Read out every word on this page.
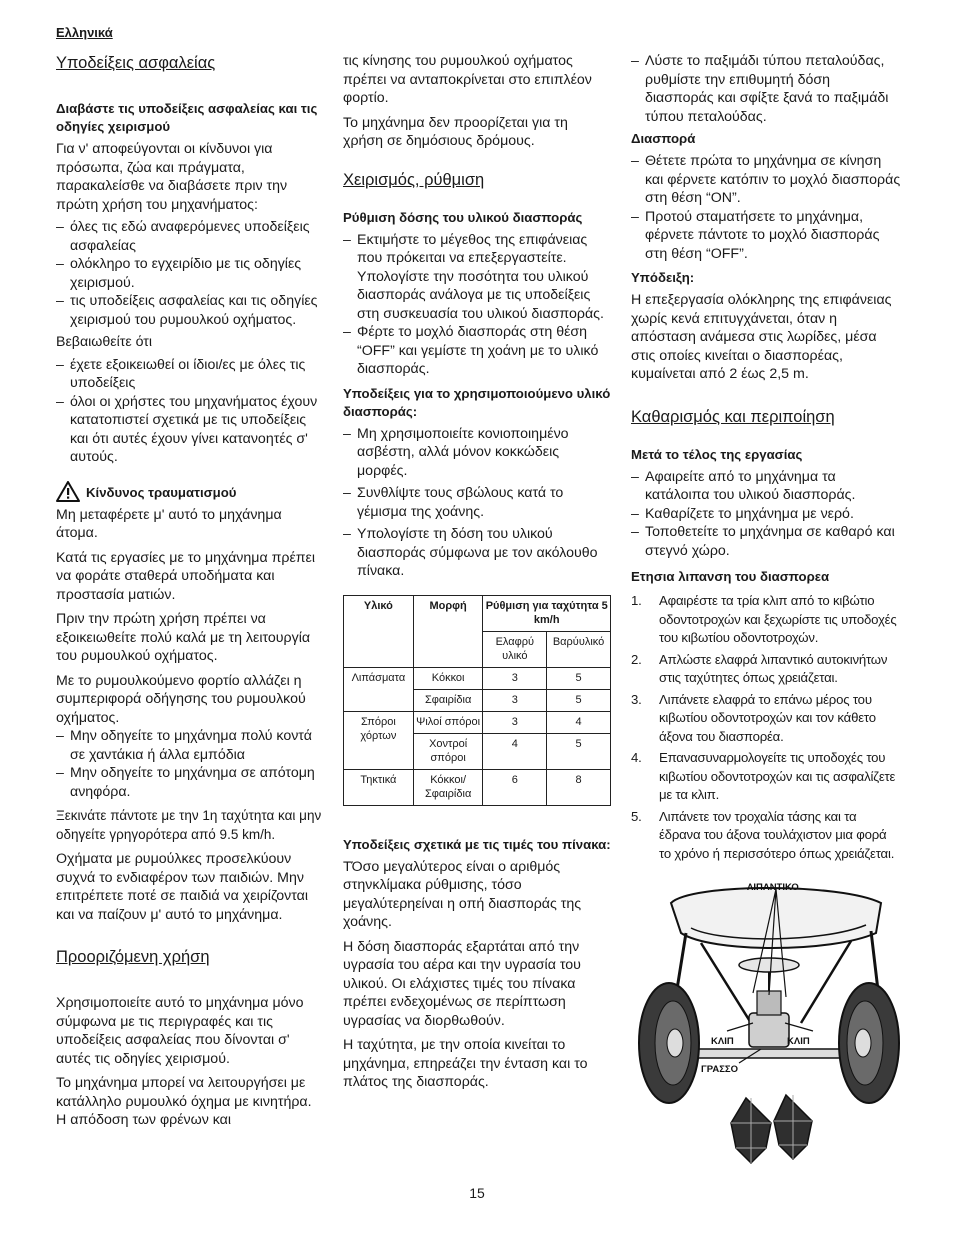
Ελληνικά
Υποδείξεις ασφαλείας
Διαβάστε τις υποδείξεις ασφαλείας και τις οδηγίες χειρισμού

Για ν' αποφεύγονται οι κίνδυνοι για πρόσωπα, ζώα και πράγματα, παρακαλείσθε να διαβάσετε πριν την πρώτη χρήση του μηχανήματος:

– όλες τις εδώ αναφερόμενες υποδείξεις ασφαλείας
– ολόκληρο το εγχειρίδιο με τις οδηγίες χειρισμού.
– τις υποδείξεις ασφαλείας και τις οδηγίες χειρισμού του ρυμουλκού οχήματος.

Βεβαιωθείτε ότι

– έχετε εξοικειωθεί οι ίδιοι/ες με όλες τις υποδείξεις
– όλοι οι χρήστες του μηχανήματος έχουν κατατοπιστεί σχετικά με τις υποδείξεις και ότι αυτές έχουν γίνει κατανοητές σ' αυτούς.
Κίνδυνος τραυματισμού

Μη μεταφέρετε μ' αυτό το μηχάνημα άτομα.

Κατά τις εργασίες με το μηχάνημα πρέπει να φοράτε σταθερά υποδήματα και προστασία ματιών.

Πριν την πρώτη χρήση πρέπει να εξοικειωθείτε πολύ καλά με τη λειτουργία του ρυμουλκού οχήματος.

Με το ρυμουλκούμενο φορτίο αλλάζει η συμπεριφορά οδήγησης του ρυμουλκού οχήματος.

– Μην οδηγείτε το μηχάνημα πολύ κοντά σε χαντάκια ή άλλα εμπόδια
– Μην οδηγείτε το μηχάνημα σε απότομη ανηφόρα.

Ξεκινάτε πάντοτε με την 1η ταχύτητα και μην οδηγείτε γρηγορότερα από 9.5 km/h.

Οχήματα με ρυμούλκες προσελκύουν συχνά το ενδιαφέρον των παιδιών. Μην επιτρέπετε ποτέ σε παιδιά να χειρίζονται και να παίζουν μ' αυτό το μηχάνημα.

Προοριζόμενη χρήση

Χρησιμοποιείτε αυτό το μηχάνημα μόνο σύμφωνα με τις περιγραφές και τις υποδείξεις ασφαλείας που δίνονται σ' αυτές τις οδηγίες χειρισμού.

Το μηχάνημα μπορεί να λειτουργήσει με κατάλληλο ρυμουλκό όχημα με κινητήρα. Η απόδοση των φρένων και

τις κίνησης του ρυμουλκού οχήματος πρέπει να ανταποκρίνεται στο επιπλέον φορτίο.

Το μηχάνημα δεν προορίζεται για τη χρήση σε δημόσιους δρόμους.

Χειρισμός, ρύθμιση
Ρύθμιση δόσης του υλικού διασποράς
– Εκτιμήστε το μέγεθος της επιφάνειας που πρόκειται να επεξεργαστείτε. Υπολογίστε την ποσότητα του υλικού διασποράς ανάλογα με τις υποδείξεις στη συσκευασία του υλικού διασποράς.
– Φέρτε το μοχλό διασποράς στη θέση “OFF” και γεμίστε τη χοάνη με το υλικό διασποράς.
Υποδείξεις για το χρησιμοποιούμενο υλικό διασποράς:
– Μη χρησιμοποιείτε κονιοποιημένο ασβέστη, αλλά μόνον κοκκώδεις μορφές.
– Συνθλίψτε τους σβώλους κατά το γέμισμα της χοάνης.
– Υπολογίστε τη δόση του υλικού διασποράς σύμφωνα με τον ακόλουθο πίνακα.
Υλικό	Μορφή	Ρύθμιση για ταχύτητα 5 km/h	
		Ελαφρύ υλικό	Βαρύυλικό
Λιπάσματα	Κόκκοι	3	5
	Σφαιρίδια	3	5
Σπόροι χόρτων	Ψιλοί σπόροι	3	4
	Χοντροί σπόροι	4	5
Τηκτικά	Κόκκοι/ Σφαιρίδια	6	8
Υποδείξεις σχετικά με τις τιμές του πίνακα:

ΤΌσο μεγαλύτερος είναι ο αριθμός στηνκλίμακα ρύθμισης, τόσο μεγαλύτερηείναι η οπή διασποράς της χοάνης.

Η δόση διασποράς εξαρτάται από την υγρασία του αέρα και την υγρασία του υλικού. Οι ελάχιστες τιμές του πίνακα πρέπει ενδεχομένως σε περίπτωση υγρασίας να διορθωθούν.

Η ταχύτητα, με την οποία κινείται το μηχάνημα, επηρεάζει την ένταση και το πλάτος της διασποράς.

– Λύστε το παξιμάδι τύπου πεταλούδας, ρυθμίστε την επιθυμητή δόση διασποράς και σφίξτε ξανά το παξιμάδι τύπου πεταλούδας.
Διασπορά
– Θέτετε πρώτα το μηχάνημα σε κίνηση και φέρνετε κατόπιν το μοχλό διασποράς στη θέση “ON”.
– Προτού σταματήσετε το μηχάνημα, φέρνετε πάντοτε το μοχλό διασποράς στη θέση “OFF”.
Υπόδειξη:

Η επεξεργασία ολόκληρης της επιφάνειας χωρίς κενά επιτυγχάνεται, όταν η απόσταση ανάμεσα στις λωρίδες, μέσα στις οποίες κινείται ο διασπορέας, κυμαίνεται από 2 έως 2,5 m.

Καθαρισμός και περιποίηση
Μετά το τέλος της εργασίας
– Αφαιρείτε από το μηχάνημα τα κατάλοιπα του υλικού διασποράς.
– Καθαρίζετε το μηχάνημα με νερό.
– Τοποθετείτε το μηχάνημα σε καθαρό και στεγνό χώρο.
Ετησια λιπανση του διασπορεα
1. Αφαιρέστε τα τρία κλιπ από το κιβώτιο οδοντοτροχών και ξεχωρίστε τις υποδοχές του κιβωτίου οδοντοτροχών.
2. Απλώστε ελαφρά λιπαντικό αυτοκινήτων στις ταχύτητες όπως χρειάζεται.
3. Λιπάνετε ελαφρά το επάνω μέρος του κιβωτίου οδοντοτροχών και τον κάθετο άξονα του διασπορέα.
4. Επανασυναρμολογείτε τις υποδοχές του κιβωτίου οδοντοτροχών και τις ασφαλίζετε με τα κλιπ.
5. Λιπάνετε τον τροχαλία τάσης και τα έδρανα του άξονα τουλάχιστον μια φορά το χρόνο ή περισσότερο όπως χρειάζεται.
ΛΙΠΑΝΤΙΚΟ
ΚΛΙΠ	ΚΛΙΠ
ΓΡΑΣΣΟ
15
